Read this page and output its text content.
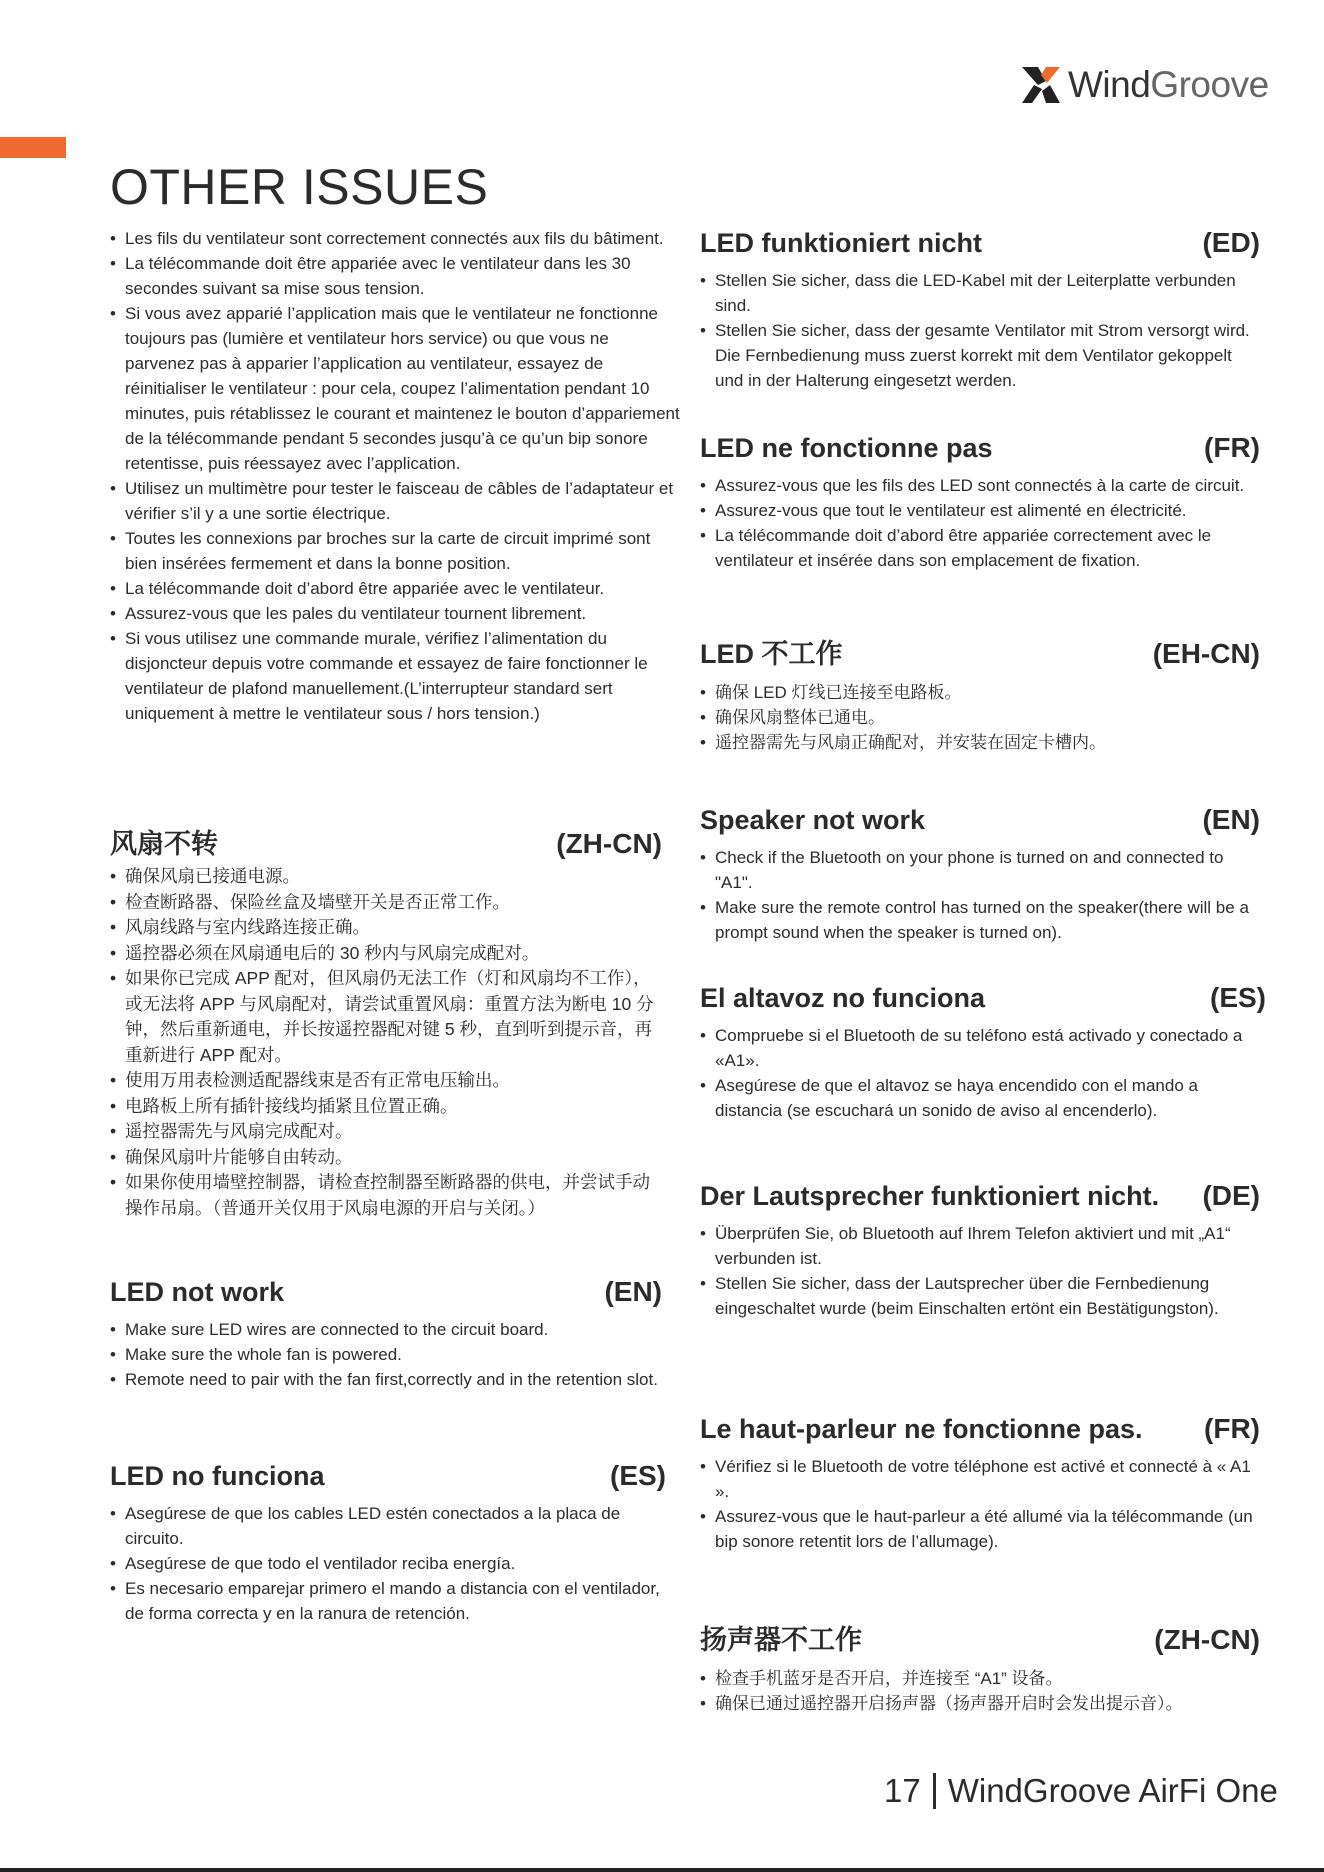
WindGroove
OTHER ISSUES
• Les fils du ventilateur sont correctement connectés aux fils du bâtiment.
• La télécommande doit être appariée avec le ventilateur dans les 30 secondes suivant sa mise sous tension.
• Si vous avez apparié l’application mais que le ventilateur ne fonctionne toujours pas (lumière et ventilateur hors service) ou que vous ne parvenez pas à apparier l’application au ventilateur, essayez de réinitialiser le ventilateur : pour cela, coupez l’alimentation pendant 10 minutes, puis rétablissez le courant et maintenez le bouton d’appariement de la télécommande pendant 5 secondes jusqu’à ce qu’un bip sonore retentisse, puis réessayez avec l’application.
• Utilisez un multimètre pour tester le faisceau de câbles de l’adaptateur et vérifier s’il y a une sortie électrique.
• Toutes les connexions par broches sur la carte de circuit imprimé sont bien insérées fermement et dans la bonne position.
• La télécommande doit d’abord être appariée avec le ventilateur.
• Assurez-vous que les pales du ventilateur tournent librement.
• Si vous utilisez une commande murale, vérifiez l’alimentation du disjoncteur depuis votre commande et essayez de faire fonctionner le ventilateur de plafond manuellement.(L’interrupteur standard sert uniquement à mettre le ventilateur sous / hors tension.)
风扇不转	(ZH-CN)
• 确保风扇已接通电源。
• 检查断路器、保险丝盒及墙壁开关是否正常工作。
• 风扇线路与室内线路连接正确。
• 遥控器必须在风扇通电后的 30 秒内与风扇完成配对。
• 如果你已完成 APP 配对，但风扇仍无法工作（灯和风扇均不工作），或无法将 APP 与风扇配对，请尝试重置风扇：重置方法为断电 10 分钟，然后重新通电，并长按遥控器配对键 5 秒，直到听到提示音，再重新进行 APP 配对。
• 使用万用表检测适配器线束是否有正常电压输出。
• 电路板上所有插针接线均插紧且位置正确。
• 遥控器需先与风扇完成配对。
• 确保风扇叶片能够自由转动。
• 如果你使用墙壁控制器，请检查控制器至断路器的供电，并尝试手动操作吊扇。（普通开关仅用于风扇电源的开启与关闭。）
LED not work	(EN)
• Make sure LED wires are connected to the circuit board.
• Make sure the whole fan is powered.
• Remote need to pair with the fan first,correctly and in the retention slot.
LED no funciona	(ES)
• Asegúrese de que los cables LED estén conectados a la placa de circuito.
• Asegúrese de que todo el ventilador reciba energía.
• Es necesario emparejar primero el mando a distancia con el ventilador, de forma correcta y en la ranura de retención.
LED funktioniert nicht	(ED)
• Stellen Sie sicher, dass die LED-Kabel mit der Leiterplatte verbunden sind.
• Stellen Sie sicher, dass der gesamte Ventilator mit Strom versorgt wird. Die Fernbedienung muss zuerst korrekt mit dem Ventilator gekoppelt und in der Halterung eingesetzt werden.
LED ne fonctionne pas	(FR)
• Assurez-vous que les fils des LED sont connectés à la carte de circuit.
• Assurez-vous que tout le ventilateur est alimenté en électricité.
• La télécommande doit d’abord être appariée correctement avec le ventilateur et insérée dans son emplacement de fixation.
LED 不工作	(EH-CN)
• 确保 LED 灯线已连接至电路板。
• 确保风扇整体已通电。
• 遥控器需先与风扇正确配对，并安装在固定卡槽内。
Speaker not work	(EN)
• Check if the Bluetooth on your phone is turned on and connected to "A1".
• Make sure the remote control has turned on the speaker(there will be a prompt sound when the speaker is turned on).
El altavoz no funciona	(ES)
• Compruebe si el Bluetooth de su teléfono está activado y conectado a «A1».
• Asegúrese de que el altavoz se haya encendido con el mando a distancia (se escuchará un sonido de aviso al encenderlo).
Der Lautsprecher funktioniert nicht. (DE)
• Überprüfen Sie, ob Bluetooth auf Ihrem Telefon aktiviert und mit „A1“ verbunden ist.
• Stellen Sie sicher, dass der Lautsprecher über die Fernbedienung eingeschaltet wurde (beim Einschalten ertönt ein Bestätigungston).
Le haut-parleur ne fonctionne pas. (FR)
• Vérifiez si le Bluetooth de votre téléphone est activé et connecté à « A1 ».
• Assurez-vous que le haut-parleur a été allumé via la télécommande (un bip sonore retentit lors de l’allumage).
扬声器不工作	(ZH-CN)
• 检查手机蓝牙是否开启，并连接至 “A1” 设备。
• 确保已通过遥控器开启扬声器（扬声器开启时会发出提示音）。
17 WindGroove AirFi One
